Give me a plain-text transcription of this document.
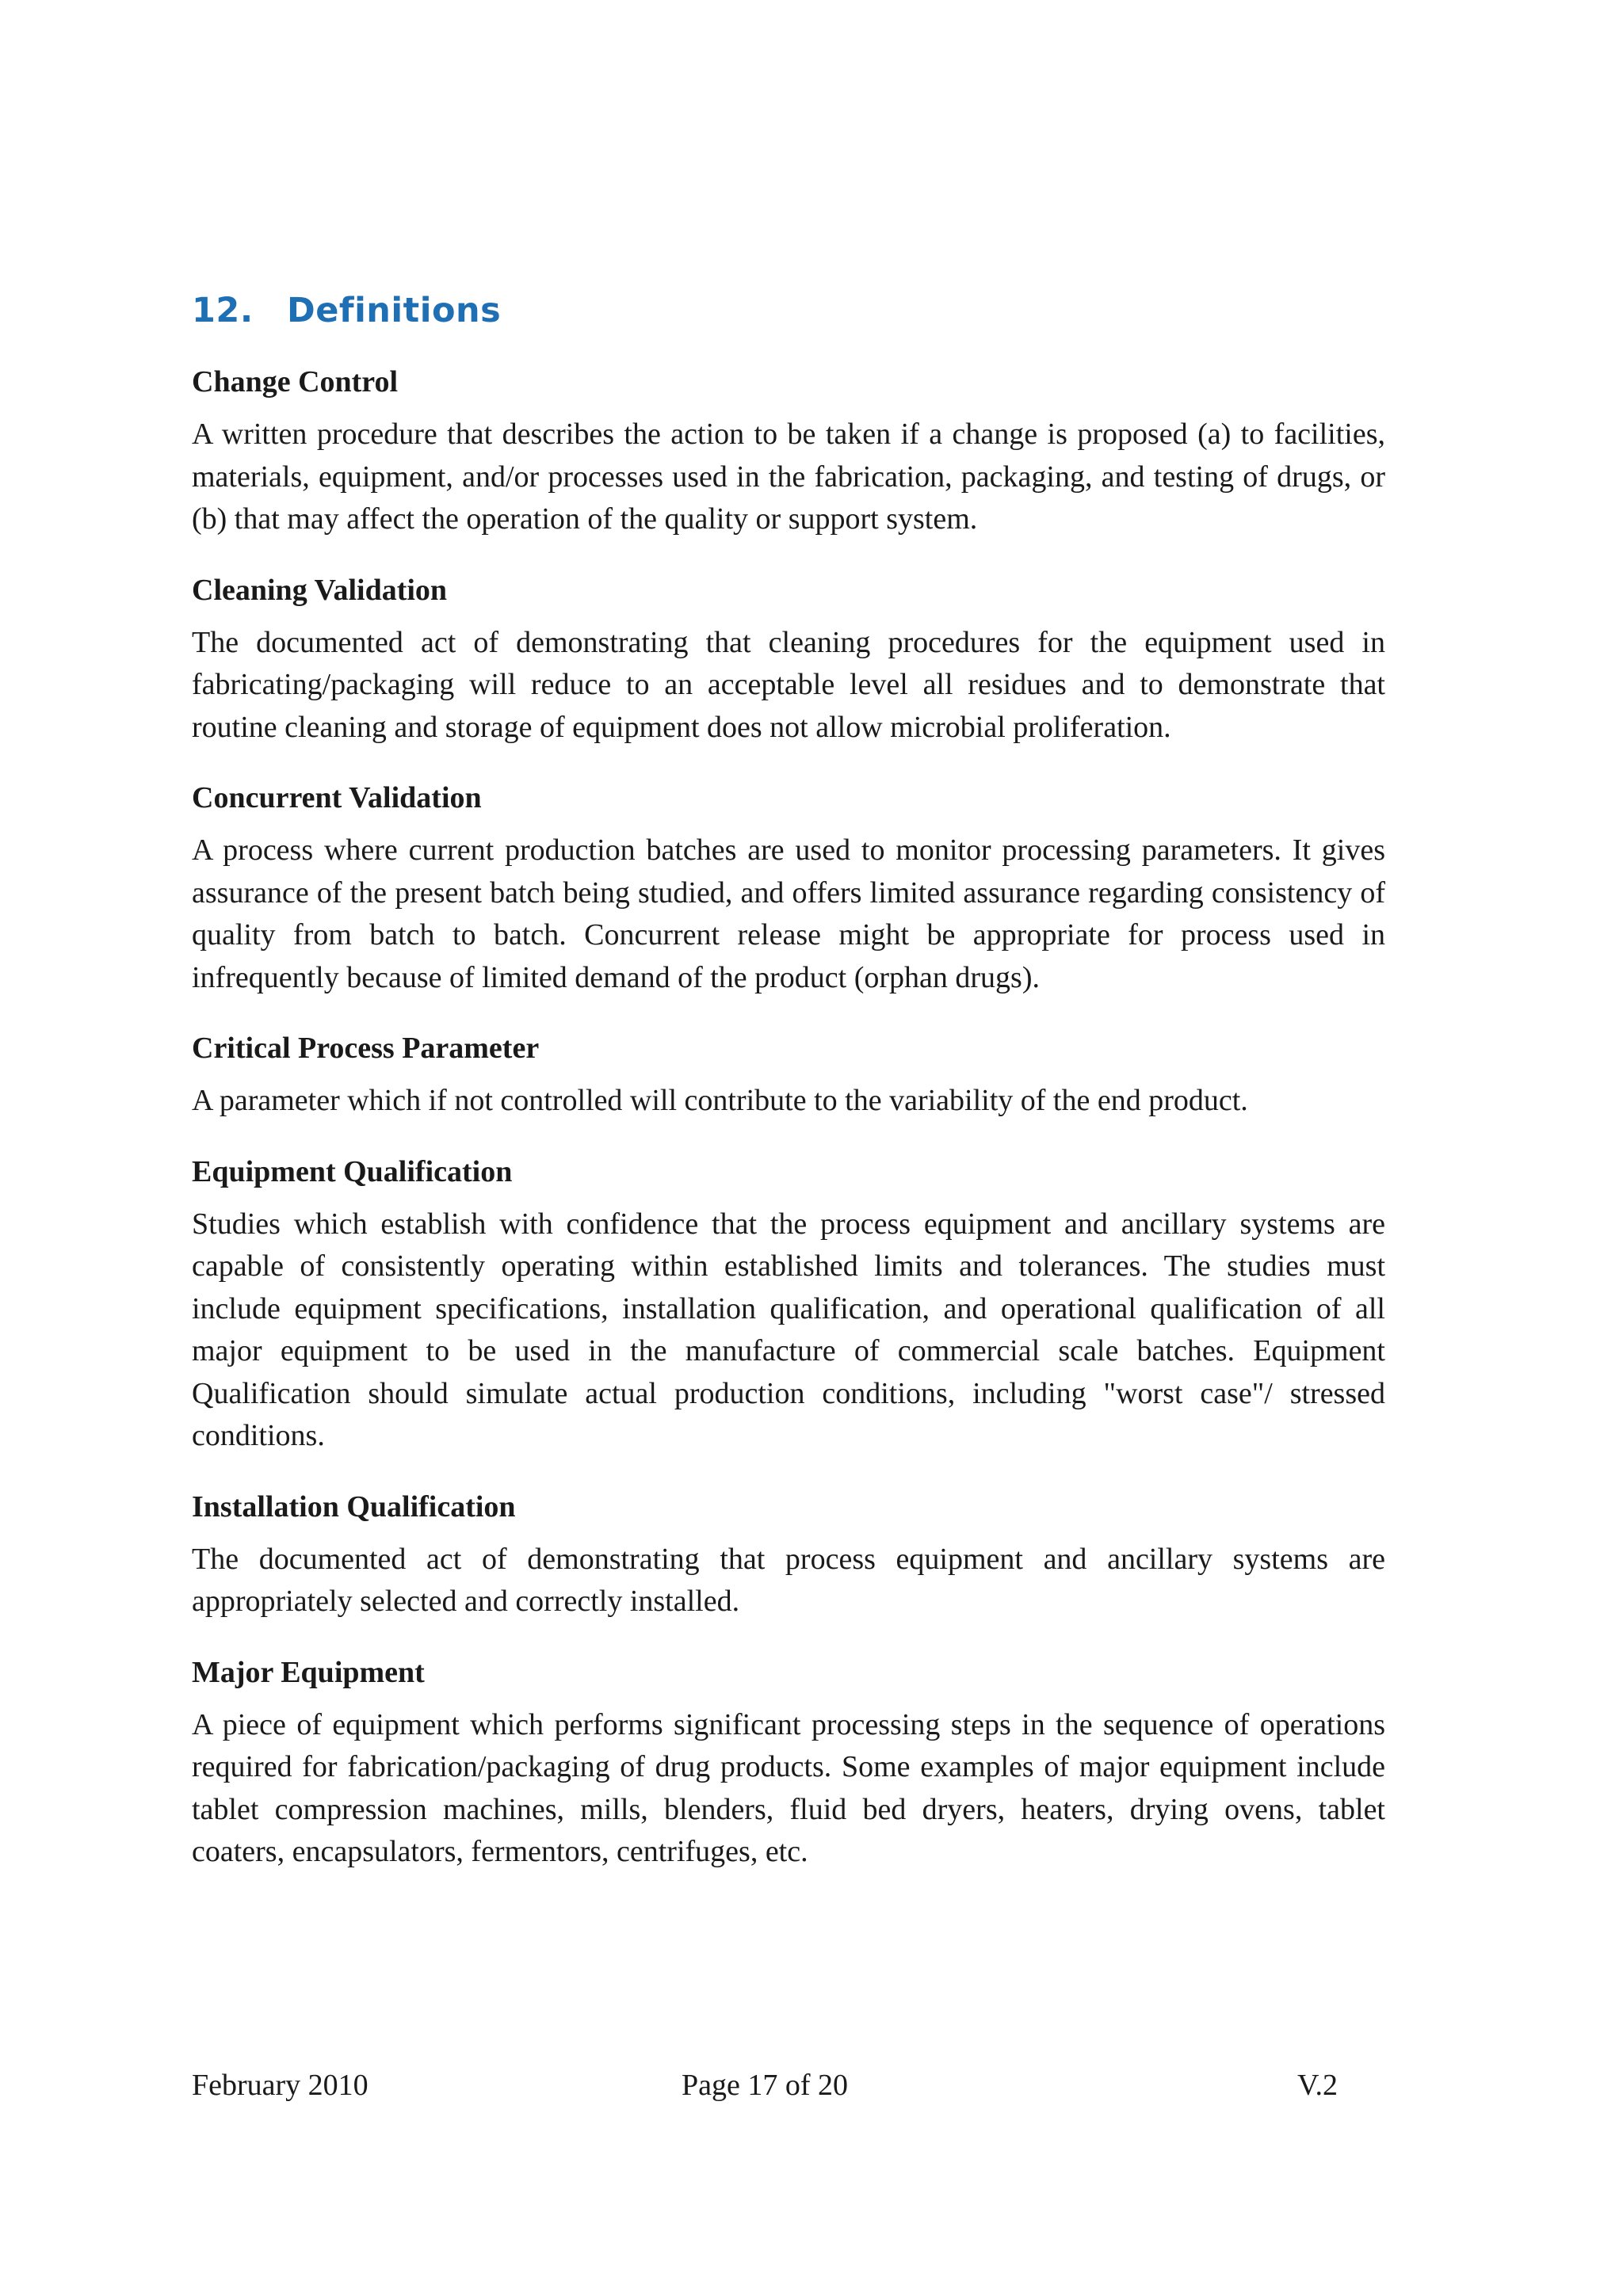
12. Definitions
Change Control

A written procedure that describes the action to be taken if a change is proposed (a) to facilities, materials, equipment, and/or processes used in the fabrication, packaging, and testing of drugs, or (b) that may affect the operation of the quality or support system.

Cleaning Validation

The documented act of demonstrating that cleaning procedures for the equipment used in fabricating/packaging will reduce to an acceptable level all residues and to demonstrate that routine cleaning and storage of equipment does not allow microbial proliferation.

Concurrent Validation

A process where current production batches are used to monitor processing parameters. It gives assurance of the present batch being studied, and offers limited assurance regarding consistency of quality from batch to batch. Concurrent release might be appropriate for process used in infrequently because of limited demand of the product (orphan drugs).

Critical Process Parameter

A parameter which if not controlled will contribute to the variability of the end product.

Equipment Qualification

Studies which establish with confidence that the process equipment and ancillary systems are capable of consistently operating within established limits and tolerances. The studies must include equipment specifications, installation qualification, and operational qualification of all major equipment to be used in the manufacture of commercial scale batches. Equipment Qualification should simulate actual production conditions, including "worst case"/ stressed conditions.

Installation Qualification

The documented act of demonstrating that process equipment and ancillary systems are appropriately selected and correctly installed.

Major Equipment

A piece of equipment which performs significant processing steps in the sequence of operations required for fabrication/packaging of drug products. Some examples of major equipment include tablet compression machines, mills, blenders, fluid bed dryers, heaters, drying ovens, tablet coaters, encapsulators, fermentors, centrifuges, etc.

February 2010	Page 17 of 20	V.2
